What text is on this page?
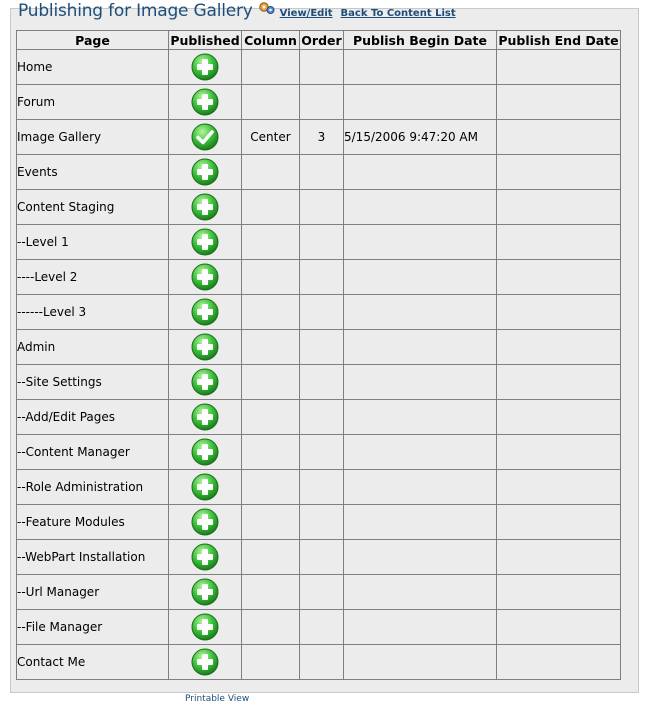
Publishing for Image Gallery	View/Edit Back To Content List
Page	Published	Column	Order	Publish Begin Date	Publish End Date
Home	

Forum	

Image Gallery		Center	3	5/15/2006 9:47:20 AM	
Events	

Content Staging	

--Level 1	

----Level 2	

------Level 3	

Admin	

--Site Settings	

--Add/Edit Pages	

--Content Manager	

--Role Administration	

--Feature Modules	

--WebPart Installation	

--Url Manager	

--File Manager	

Contact Me	

Printable View
